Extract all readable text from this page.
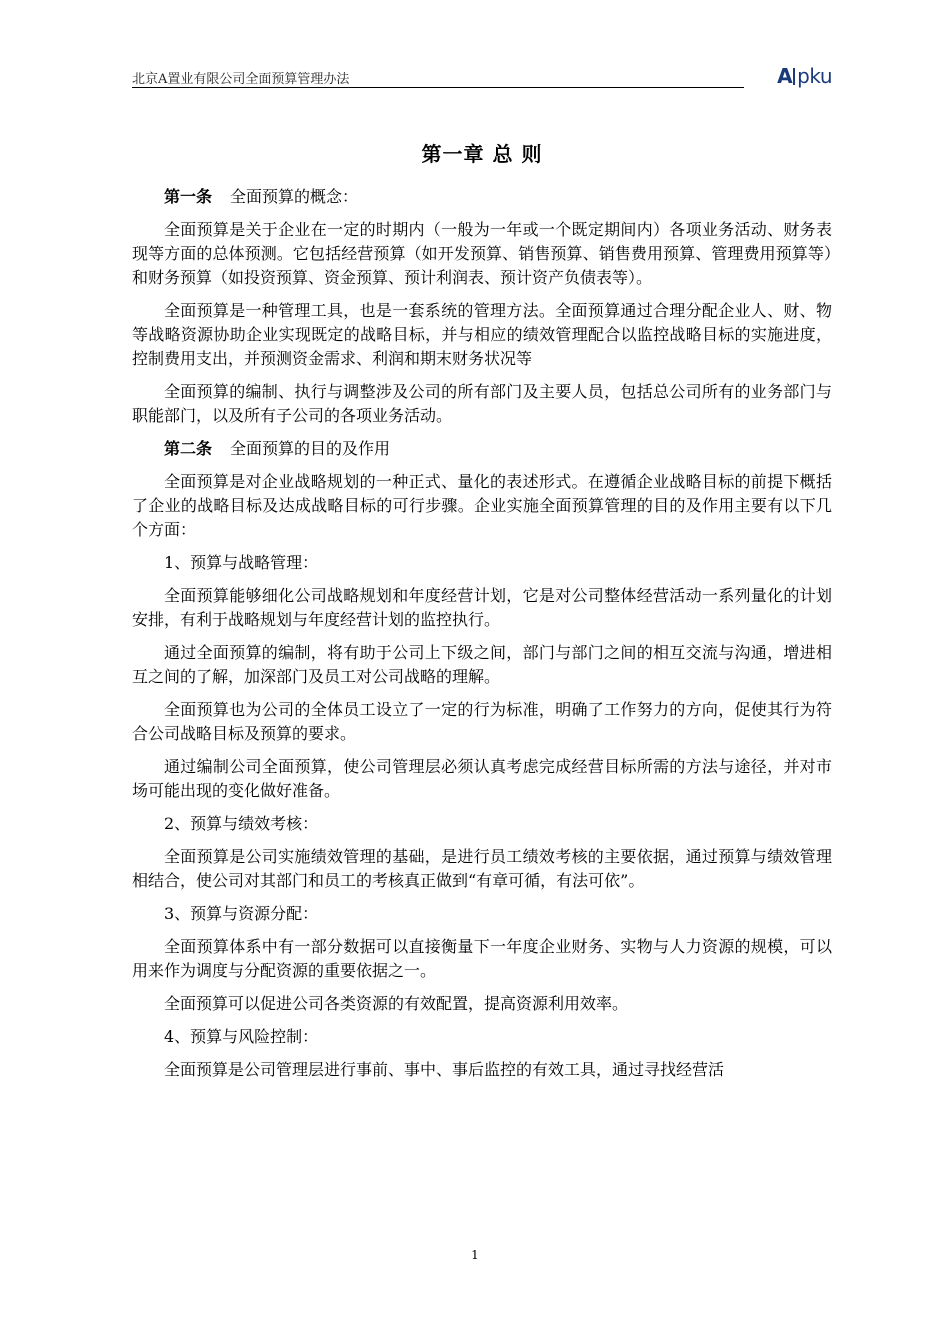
北京A置业有限公司全面预算管理办法	A pku
第一章 总 则
第一条 全面预算的概念：

全面预算是关于企业在一定的时期内（一般为一年或一个既定期间内）各项业务活动、财务表现等方面的总体预测。它包括经营预算（如开发预算、销售预算、销售费用预算、管理费用预算等）和财务预算（如投资预算、资金预算、预计利润表、预计资产负债表等）。

全面预算是一种管理工具，也是一套系统的管理方法。全面预算通过合理分配企业人、财、物等战略资源协助企业实现既定的战略目标，并与相应的绩效管理配合以监控战略目标的实施进度，控制费用支出，并预测资金需求、利润和期末财务状况等

全面预算的编制、执行与调整涉及公司的所有部门及主要人员，包括总公司所有的业务部门与职能部门，以及所有子公司的各项业务活动。

第二条 全面预算的目的及作用

全面预算是对企业战略规划的一种正式、量化的表述形式。在遵循企业战略目标的前提下概括了企业的战略目标及达成战略目标的可行步骤。企业实施全面预算管理的目的及作用主要有以下几个方面：

1、预算与战略管理：

全面预算能够细化公司战略规划和年度经营计划，它是对公司整体经营活动一系列量化的计划安排，有利于战略规划与年度经营计划的监控执行。

通过全面预算的编制，将有助于公司上下级之间，部门与部门之间的相互交流与沟通，增进相互之间的了解，加深部门及员工对公司战略的理解。

全面预算也为公司的全体员工设立了一定的行为标准，明确了工作努力的方向，促使其行为符合公司战略目标及预算的要求。

通过编制公司全面预算，使公司管理层必须认真考虑完成经营目标所需的方法与途径，并对市场可能出现的变化做好准备。

2、预算与绩效考核：

全面预算是公司实施绩效管理的基础，是进行员工绩效考核的主要依据，通过预算与绩效管理相结合，使公司对其部门和员工的考核真正做到“有章可循，有法可依”。

3、预算与资源分配：

全面预算体系中有一部分数据可以直接衡量下一年度企业财务、实物与人力资源的规模，可以用来作为调度与分配资源的重要依据之一。

全面预算可以促进公司各类资源的有效配置，提高资源利用效率。

4、预算与风险控制：

全面预算是公司管理层进行事前、事中、事后监控的有效工具，通过寻找经营活

1
